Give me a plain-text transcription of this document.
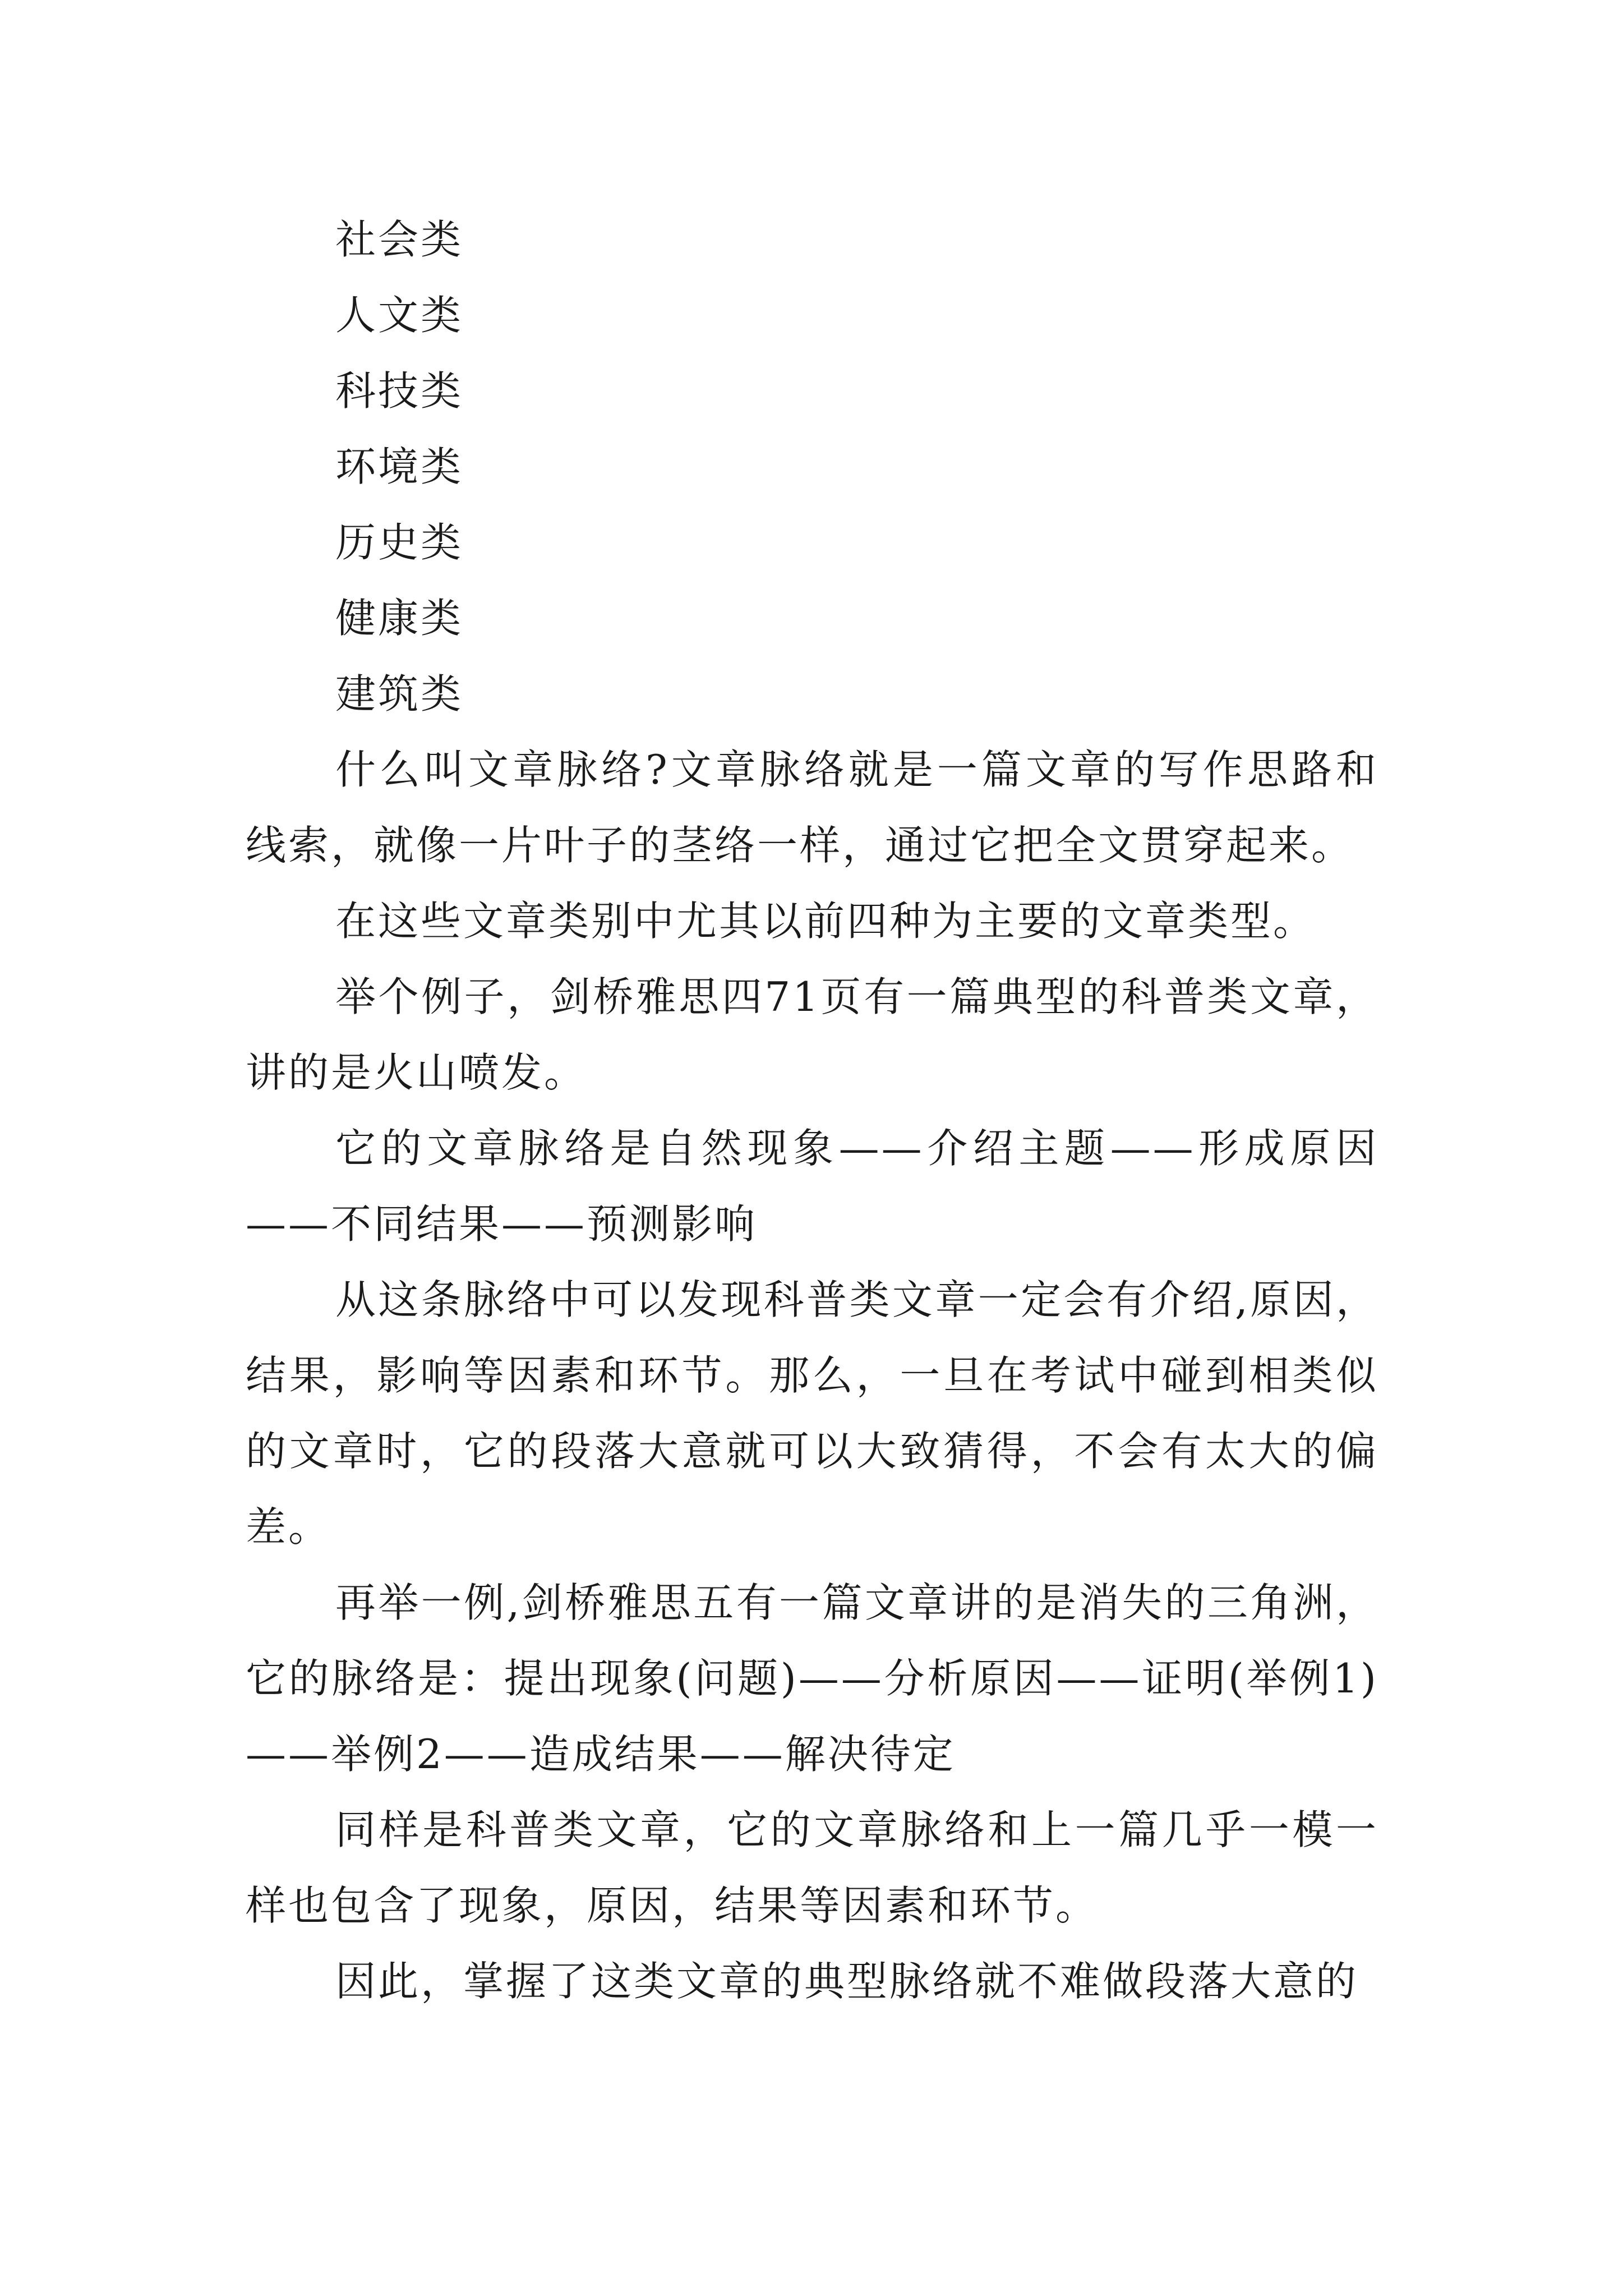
社会类
人文类
科技类
环境类
历史类
健康类
建筑类

什么叫文章脉络?文章脉络就是一篇文章的写作思路和线索，就像一片叶子的茎络一样，通过它把全文贯穿起来。

在这些文章类别中尤其以前四种为主要的文章类型。

举个例子，剑桥雅思四71页有一篇典型的科普类文章，讲的是火山喷发。

它的文章脉络是自然现象——介绍主题——形成原因——不同结果——预测影响

从这条脉络中可以发现科普类文章一定会有介绍,原因，结果，影响等因素和环节。那么，一旦在考试中碰到相类似的文章时，它的段落大意就可以大致猜得，不会有太大的偏差。

再举一例,剑桥雅思五有一篇文章讲的是消失的三角洲，它的脉络是：提出现象(问题)——分析原因——证明(举例1)——举例2——造成结果——解决待定

同样是科普类文章，它的文章脉络和上一篇几乎一模一样也包含了现象，原因，结果等因素和环节。

因此，掌握了这类文章的典型脉络就不难做段落大意的
